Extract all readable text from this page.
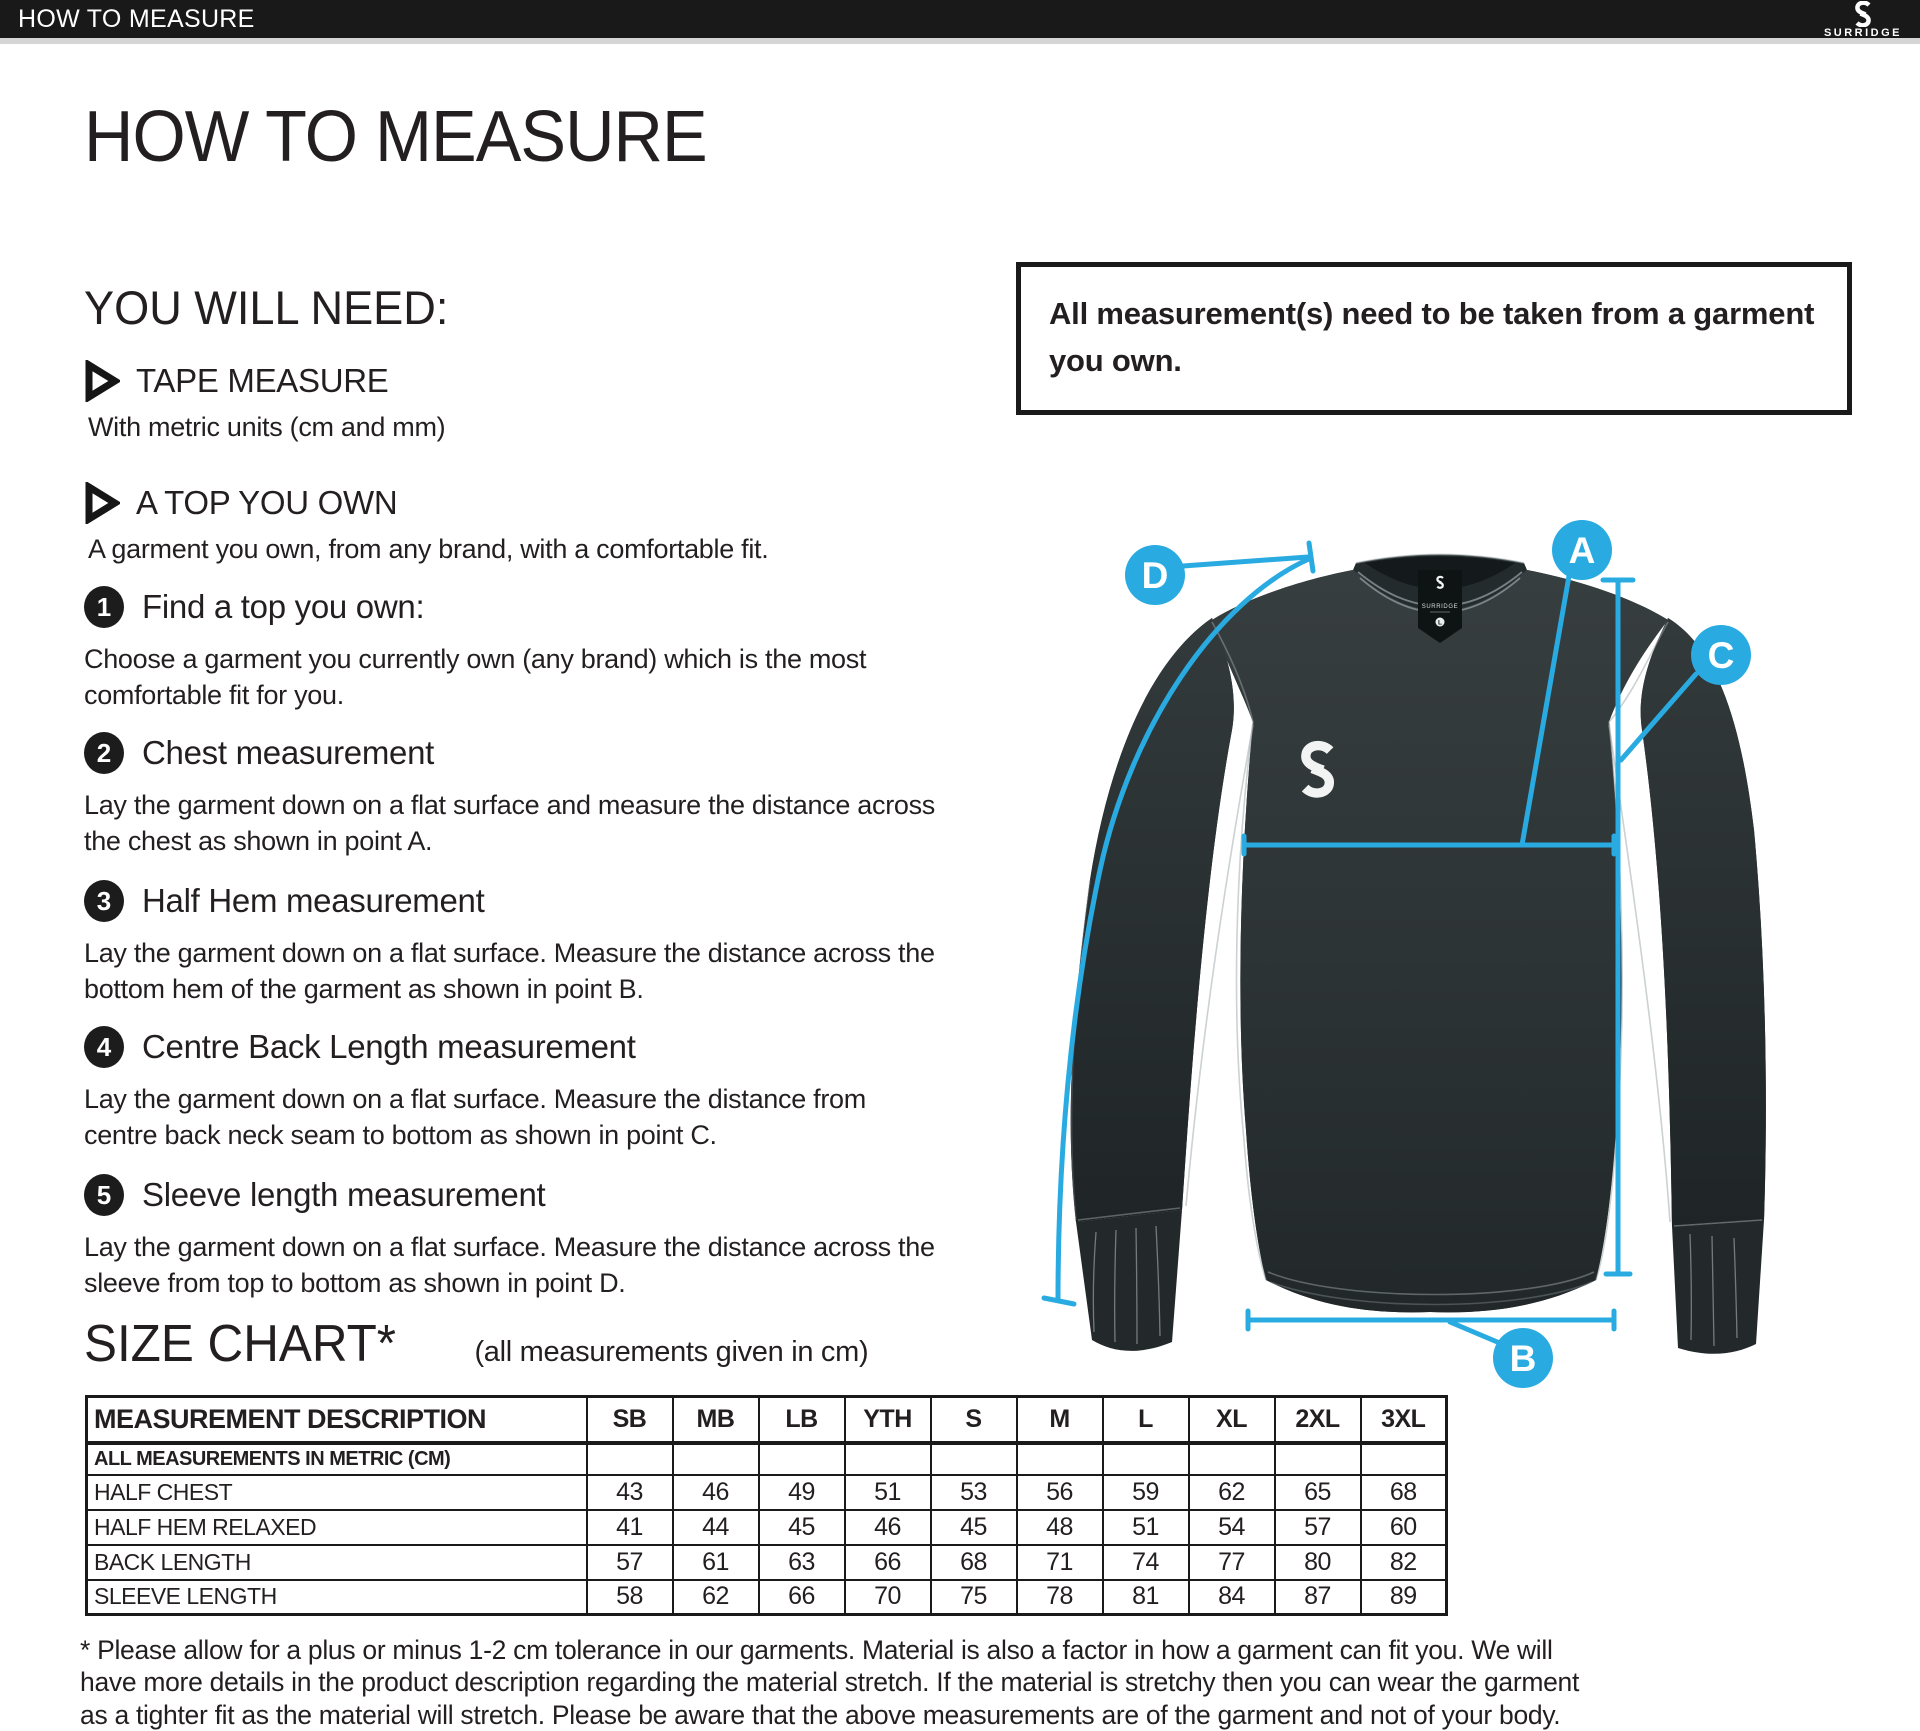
HOW TO MEASURE	SURRIDGE
HOW TO MEASURE
YOU WILL NEED:
TAPE MEASURE
With metric units (cm and mm)
A TOP YOU OWN
A garment you own, from any brand, with a comfortable fit.
1 Find a top you own:
Choose a garment you currently own (any brand) which is the most comfortable fit for you.
2 Chest measurement
Lay the garment down on a flat surface and measure the distance across the chest as shown in point A.
3 Half Hem measurement
Lay the garment down on a flat surface. Measure the distance across the bottom hem of the garment as shown in point B.
4 Centre Back Length measurement
Lay the garment down on a flat surface. Measure the distance from centre back neck seam to bottom as shown in point C.
5 Sleeve length measurement
Lay the garment down on a flat surface. Measure the distance across the sleeve from top to bottom as shown in point D.
All measurement(s) need to be taken from a garment you own.
SURRIDGE
L
A
B
C
D
SIZE CHART*	(all measurements given in cm)
MEASUREMENT DESCRIPTION	SB	MB	LB	YTH	S	M	L	XL	2XL	3XL
ALL MEASUREMENTS IN METRIC (CM)										
HALF CHEST	43	46	49	51	53	56	59	62	65	68
HALF HEM RELAXED	41	44	45	46	45	48	51	54	57	60
BACK LENGTH	57	61	63	66	68	71	74	77	80	82
SLEEVE LENGTH	58	62	66	70	75	78	81	84	87	89
* Please allow for a plus or minus 1-2 cm tolerance in our garments. Material is also a factor in how a garment can fit you. We will have more details in the product description regarding the material stretch. If the material is stretchy then you can wear the garment as a tighter fit as the material will stretch. Please be aware that the above measurements are of the garment and not of your body.
